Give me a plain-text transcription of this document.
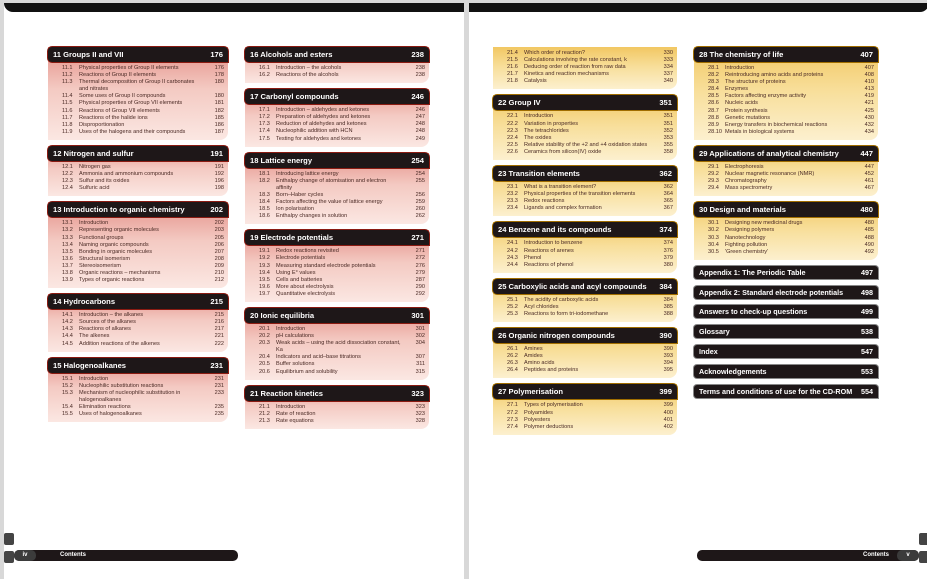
11 Groups II and VII	176
11.1	Physical properties of Group II elements	176
11.2	Reactions of Group II elements	178
11.3	Thermal decomposition of Group II carbonates and nitrates
180
11.4	Some uses of Group II compounds	180
11.5	Physical properties of Group VII elements	181
11.6	Reactions of Group VII elements	182
11.7	Reactions of the halide ions	185
11.8	Disproportionation	186
11.9	Uses of the halogens and their compounds	187
12 Nitrogen and sulfur	191
12.1	Nitrogen gas	191
12.2	Ammonia and ammonium compounds	192
12.3	Sulfur and its oxides	196
12.4	Sulfuric acid	198
13 Introduction to organic chemistry	202
13.1	Introduction	202
13.2	Representing organic molecules	203
13.3	Functional groups	205
13.4	Naming organic compounds	206
13.5	Bonding in organic molecules	207
13.6	Structural isomerism	208
13.7	Stereoisomerism	209
13.8	Organic reactions – mechanisms	210
13.9	Types of organic reactions	212
14 Hydrocarbons	215
14.1	Introduction – the alkanes	215
14.2	Sources of the alkanes	216
14.3	Reactions of alkanes	217
14.4	The alkenes	221
14.5	Addition reactions of the alkenes	222
15 Halogenoalkanes	231
15.1	Introduction	231
15.2	Nucleophilic substitution reactions	231
15.3	Mechanism of nucleophilic substitution in halogenoalkanes
233
15.4	Elimination reactions	235
15.5	Uses of halogenoalkanes	235
16 Alcohols and esters	238
16.1	Introduction – the alcohols	238
16.2	Reactions of the alcohols	238
17 Carbonyl compounds	246
17.1	Introduction – aldehydes and ketones	246
17.2	Preparation of aldehydes and ketones	247
17.3	Reduction of aldehydes and ketones	248
17.4	Nucleophilic addition with HCN	248
17.5	Testing for aldehydes and ketones	249
18 Lattice energy	254
18.1	Introducing lattice energy	254
18.2	Enthalpy change of atomisation and electron affinity
255
18.3	Born–Haber cycles	256
18.4	Factors affecting the value of lattice energy	259
18.5	Ion polarisation	260
18.6	Enthalpy changes in solution	262
19 Electrode potentials	271
19.1	Redox reactions revisited	271
19.2	Electrode potentials	272
19.3	Measuring standard electrode potentials	276
19.4	Using E° values	279
19.5	Cells and batteries	287
19.6	More about electrolysis	290
19.7	Quantitative electrolysis	292
20 Ionic equilibria	301
20.1	Introduction	301
20.2	pH calculations	302
20.3	Weak acids – using the acid dissociation constant, Ka
304
20.4	Indicators and acid–base titrations	307
20.5	Buffer solutions	311
20.6	Equilibrium and solubility	315
21 Reaction kinetics	323
21.1	Introduction	323
21.2	Rate of reaction	323
21.3	Rate equations	328
iv	Contents
21.4	Which order of reaction?	330
21.5	Calculations involving the rate constant, k	333
21.6	Deducing order of reaction from raw data	334
21.7	Kinetics and reaction mechanisms	337
21.8	Catalysis	340
22 Group IV	351
22.1	Introduction	351
22.2	Variation in properties	351
22.3	The tetrachlorides	352
22.4	The oxides	353
22.5	Relative stability of the +2 and +4 oxidation states	355
22.6	Ceramics from silicon(IV) oxide	358
23 Transition elements	362
23.1	What is a transition element?	362
23.2	Physical properties of the transition elements	364
23.3	Redox reactions	365
23.4	Ligands and complex formation	367
24 Benzene and its compounds	374
24.1	Introduction to benzene	374
24.2	Reactions of arenes	376
24.3	Phenol	379
24.4	Reactions of phenol	380
25 Carboxylic acids and acyl compounds 384
25.1	The acidity of carboxylic acids	384
25.2	Acyl chlorides	385
25.3	Reactions to form tri-iodomethane	388
26 Organic nitrogen compounds	390
26.1	Amines	390
26.2	Amides	393
26.3	Amino acids	394
26.4	Peptides and proteins	395
27 Polymerisation	399
27.1	Types of polymerisation	399
27.2	Polyamides	400
27.3	Polyesters	401
27.4	Polymer deductions	402
28 The chemistry of life	407
28.1	Introduction	407
28.2	Reintroducing amino acids and proteins	408
28.3	The structure of proteins	410
28.4	Enzymes	413
28.5	Factors affecting enzyme activity	419
28.6	Nucleic acids	421
28.7	Protein synthesis	425
28.8	Genetic mutations	430
28.9	Energy transfers in biochemical reactions	432
28.10 Metals in biological systems	434
29 Applications of analytical chemistry	447
29.1	Electrophoresis	447
29.2	Nuclear magnetic resonance (NMR)	452
29.3	Chromatography	461
29.4	Mass spectrometry	467
30 Design and materials	480
30.1	Designing new medicinal drugs	480
30.2	Designing polymers	485
30.3	Nanotechnology	488
30.4	Fighting pollution	490
30.5	'Green chemistry'	492
Appendix 1: The Periodic Table	497
Appendix 2: Standard electrode potentials 498
Answers to check-up questions	499
Glossary	538
Index	547
Acknowledgements	553
Terms and conditions of use for the CD-ROM 554
Contents	v
